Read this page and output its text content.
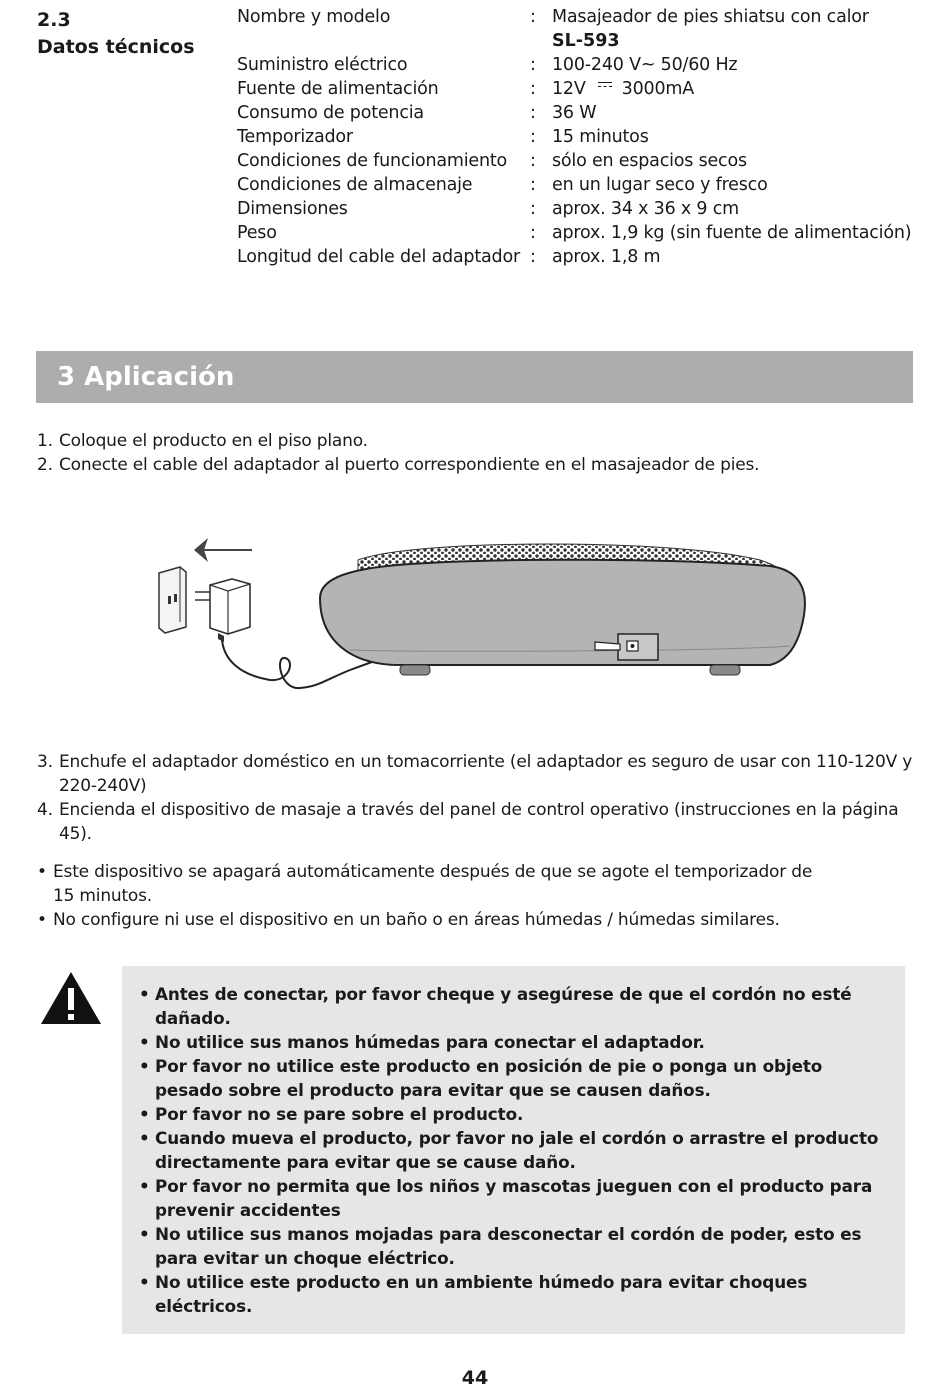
2.3
Datos técnicos
Nombre y modelo	: Masajeador de pies shiatsu con calor
SL-593
Suministro eléctrico	: 100-240 V~ 50/60 Hz
Fuente de alimentación	: 12V 3000mA
Consumo de potencia	: 36 W
Temporizador	: 15 minutos
Condiciones de funcionamiento : sólo en espacios secos
Condiciones de almacenaje	: en un lugar seco y fresco
Dimensiones	: aprox. 34 x 36 x 9 cm
Peso	: aprox. 1,9 kg (sin fuente de alimentación)
Longitud del cable del adaptador : aprox. 1,8 m
3 Aplicación
1. Coloque el producto en el piso plano.
2. Conecte el cable del adaptador al puerto correspondiente en el masajeador de pies.
3. Enchufe el adaptador doméstico en un tomacorriente (el adaptador es seguro de usar con 110-120V y 220-240V)
4. Encienda el dispositivo de masaje a través del panel de control operativo (instrucciones en la página 45).
• Este dispositivo se apagará automáticamente después de que se agote el temporizador de 15 minutos.
• No configure ni use el dispositivo en un baño o en áreas húmedas / húmedas similares.
• Antes de conectar, por favor cheque y asegúrese de que el cordón no esté dañado.
• No utilice sus manos húmedas para conectar el adaptador.
• Por favor no utilice este producto en posición de pie o ponga un objeto pesado sobre el producto para evitar que se causen daños.
• Por favor no se pare sobre el producto.
• Cuando mueva el producto, por favor no jale el cordón o arrastre el producto directamente para evitar que se cause daño.
• Por favor no permita que los niños y mascotas jueguen con el producto para prevenir accidentes
• No utilice sus manos mojadas para desconectar el cordón de poder, esto es para evitar un choque eléctrico.
• No utilice este producto en un ambiente húmedo para evitar choques eléctricos.
44
